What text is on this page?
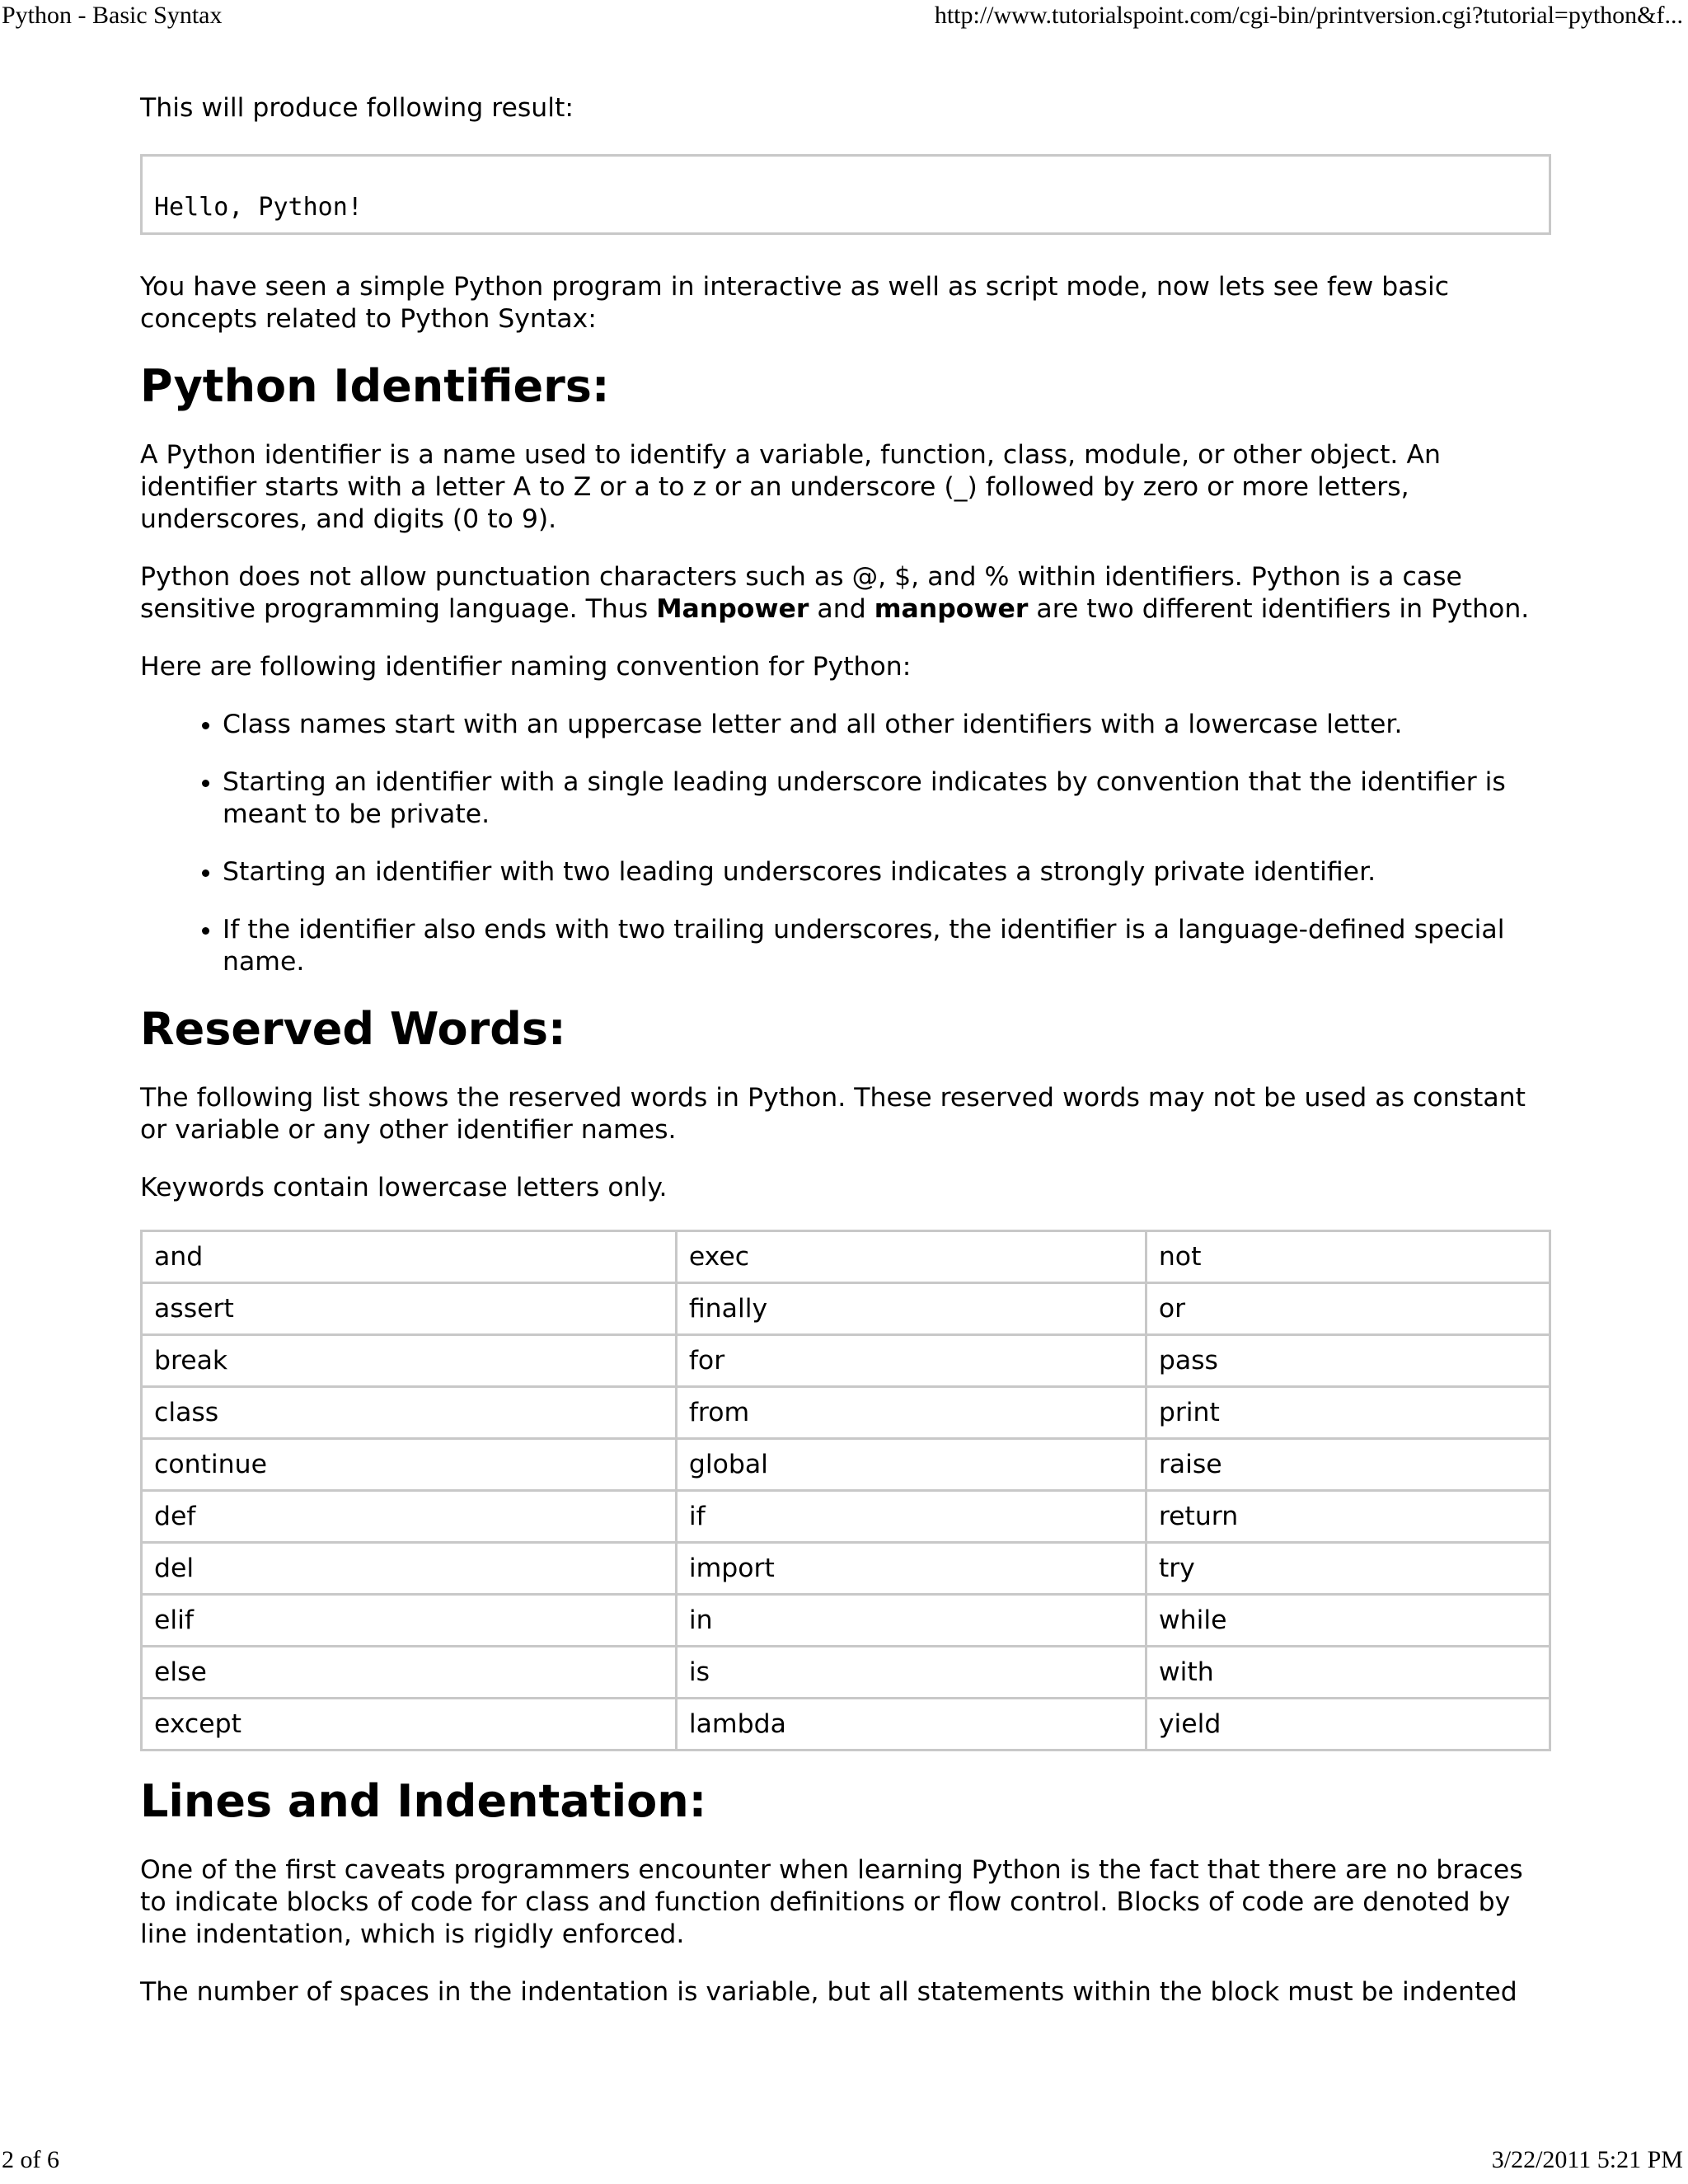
Python - Basic Syntax	http://www.tutorialspoint.com/cgi-bin/printversion.cgi?tutorial=python&f...

This will produce following result:

Hello, Python!

You have seen a simple Python program in interactive as well as script mode, now lets see few basic concepts related to Python Syntax:

Python Identifiers:

A Python identifier is a name used to identify a variable, function, class, module, or other object. An identifier starts with a letter A to Z or a to z or an underscore (_) followed by zero or more letters, underscores, and digits (0 to 9).

Python does not allow punctuation characters such as @, $, and % within identifiers. Python is a case sensitive programming language. Thus Manpower and manpower are two different identifiers in Python.

Here are following identifier naming convention for Python:

• Class names start with an uppercase letter and all other identifiers with a lowercase letter.
• Starting an identifier with a single leading underscore indicates by convention that the identifier is meant to be private.
• Starting an identifier with two leading underscores indicates a strongly private identifier.
• If the identifier also ends with two trailing underscores, the identifier is a language-defined special name.
Reserved Words:

The following list shows the reserved words in Python. These reserved words may not be used as constant or variable or any other identifier names.

Keywords contain lowercase letters only.

and	exec	not
assert	finally	or
break	for	pass
class	from	print
continue	global	raise
def	if	return
del	import	try
elif	in	while
else	is	with
except	lambda	yield
Lines and Indentation:

One of the first caveats programmers encounter when learning Python is the fact that there are no braces to indicate blocks of code for class and function definitions or flow control. Blocks of code are denoted by line indentation, which is rigidly enforced.

The number of spaces in the indentation is variable, but all statements within the block must be indented

2 of 6	3/22/2011 5:21 PM
